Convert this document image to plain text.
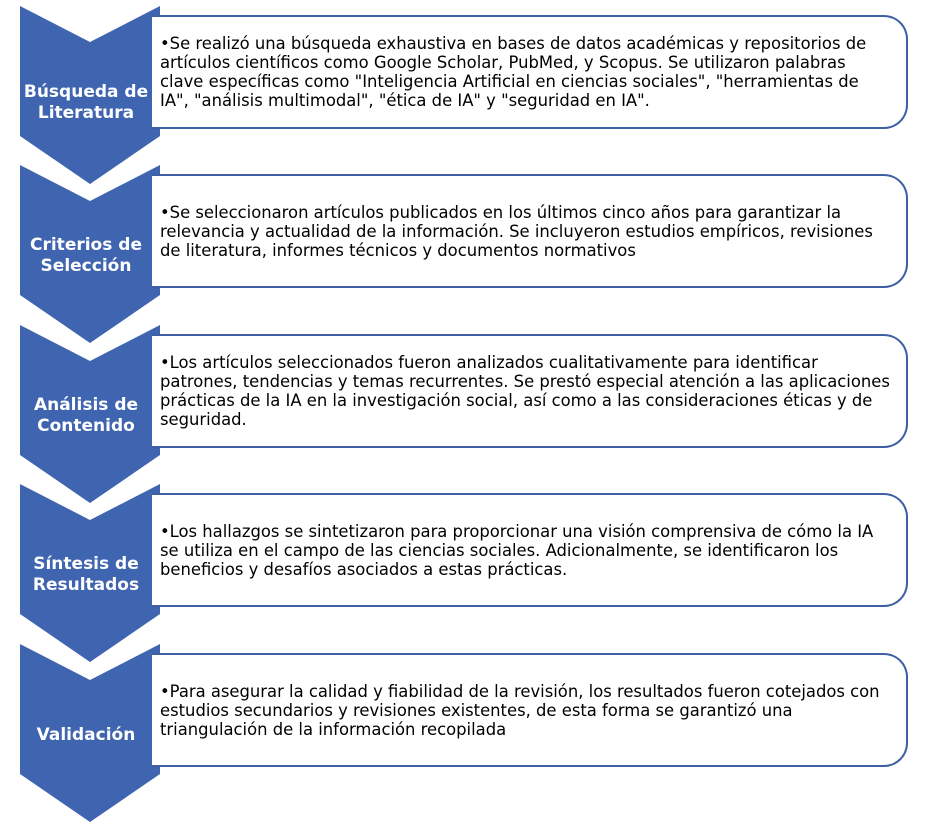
Búsqueda de Literatura
•Se realizó una búsqueda exhaustiva en bases de datos académicas y repositorios de artículos científicos como Google Scholar, PubMed, y Scopus. Se utilizaron palabras clave específicas como "Inteligencia Artificial en ciencias sociales", "herramientas de IA", "análisis multimodal", "ética de IA" y "seguridad en IA".
Criterios de Selección
•Se seleccionaron artículos publicados en los últimos cinco años para garantizar la relevancia y actualidad de la información. Se incluyeron estudios empíricos, revisiones de literatura, informes técnicos y documentos normativos
Análisis de Contenido
•Los artículos seleccionados fueron analizados cualitativamente para identificar patrones, tendencias y temas recurrentes. Se prestó especial atención a las aplicaciones prácticas de la IA en la investigación social, así como a las consideraciones éticas y de seguridad.
Síntesis de Resultados
•Los hallazgos se sintetizaron para proporcionar una visión comprensiva de cómo la IA se utiliza en el campo de las ciencias sociales. Adicionalmente, se identificaron los beneficios y desafíos asociados a estas prácticas.
Validación
•Para asegurar la calidad y fiabilidad de la revisión, los resultados fueron cotejados con estudios secundarios y revisiones existentes, de esta forma se garantizó una triangulación de la información recopilada
